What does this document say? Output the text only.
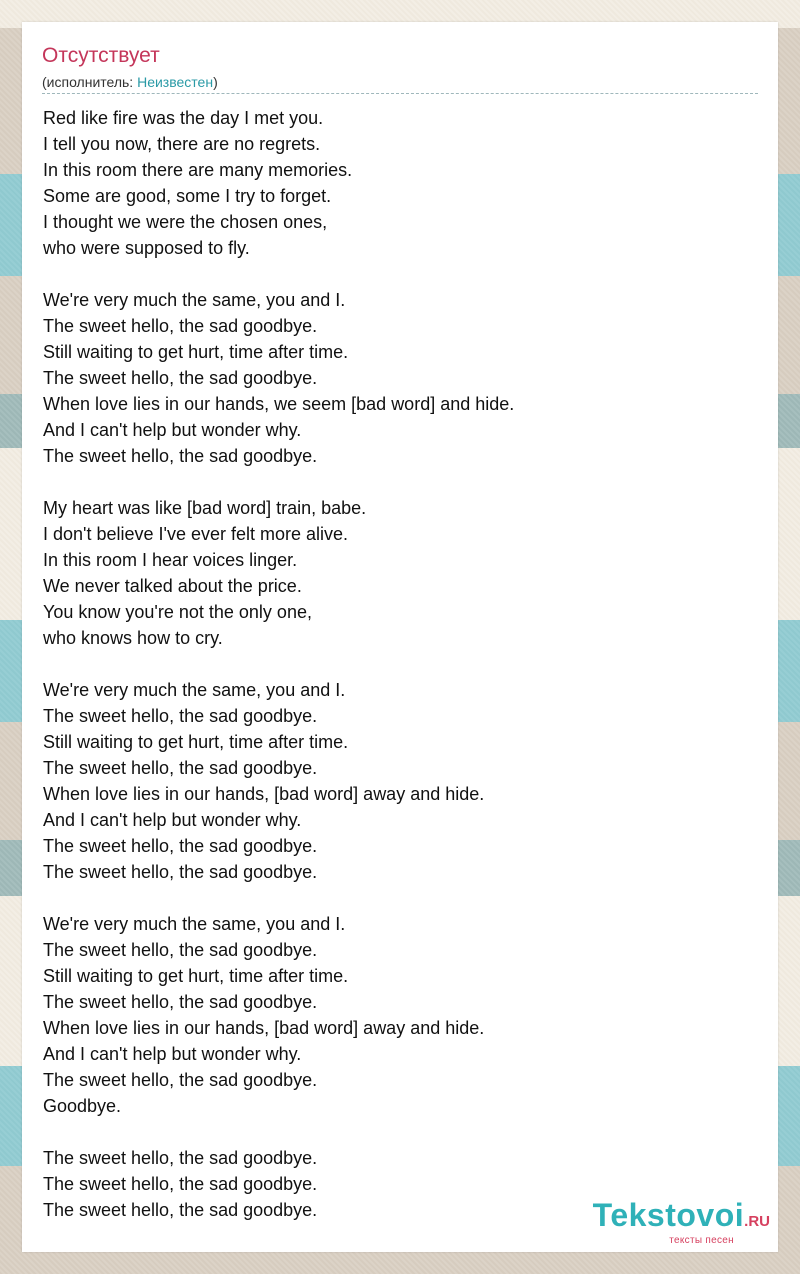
Отсутствует
(исполнитель: Неизвестен)
Red like fire was the day I met you.
I tell you now, there are no regrets.
In this room there are many memories.
Some are good, some I try to forget.
I thought we were the chosen ones,
who were supposed to fly.
We're very much the same, you and I.
The sweet hello, the sad goodbye.
Still waiting to get hurt, time after time.
The sweet hello, the sad goodbye.
When love lies in our hands, we seem [bad word] and hide.
And I can't help but wonder why.
The sweet hello, the sad goodbye.
My heart was like [bad word] train, babe.
I don't believe I've ever felt more alive.
In this room I hear voices linger.
We never talked about the price.
You know you're not the only one,
who knows how to cry.
We're very much the same, you and I.
The sweet hello, the sad goodbye.
Still waiting to get hurt, time after time.
The sweet hello, the sad goodbye.
When love lies in our hands, [bad word] away and hide.
And I can't help but wonder why.
The sweet hello, the sad goodbye.
The sweet hello, the sad goodbye.
We're very much the same, you and I.
The sweet hello, the sad goodbye.
Still waiting to get hurt, time after time.
The sweet hello, the sad goodbye.
When love lies in our hands, [bad word] away and hide.
And I can't help but wonder why.
The sweet hello, the sad goodbye.
Goodbye.
The sweet hello, the sad goodbye.
The sweet hello, the sad goodbye.
The sweet hello, the sad goodbye.	Tekstovoi.RU
тексты песен
